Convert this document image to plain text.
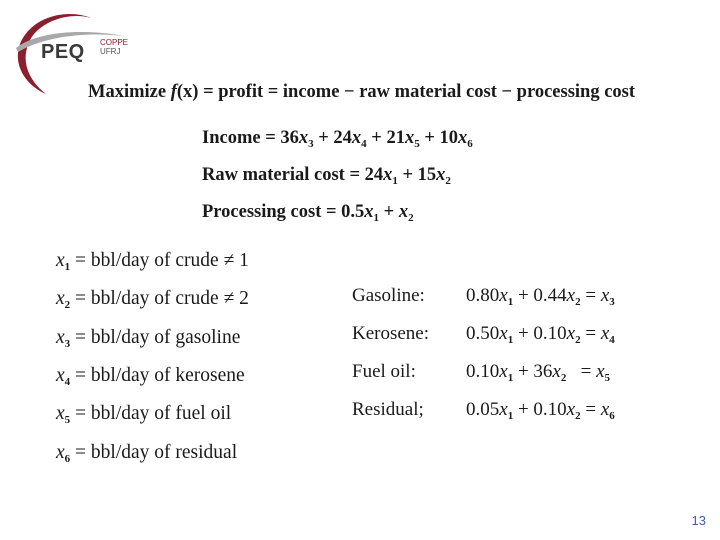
PEQ COPPE
UFRJ
Maximize f(x) = profit = income − raw material cost − processing cost
Income = $36x_3 + 24x_4 + 21x_5 + 10x_6$
Raw material $\cos t = 24x_1 + 15x_2$
Processing $\cos t = 0.5x_1 + x_2$
$x_1 = bbl/day$ of crude ≠ 1
$x_2 = bbl/day$ of crude ≠ 2
$x_3 = bbl/day$ of gasoline
$x_4 = bbl/day$ of kerosene
$x_5 = bbl/day$ of fuel oil
$x_6 = bbl/day$ of residual
Gasoline: $0.80x_1 + 0.44x_2 = x_3$
Kerosene: $0.50x_1 + 0.10x_2 = x_4$
Fuel oil:	$0.10x_1 + 36x_2 = x_5$
Residual; $0.05x_1 + 0.10x_2 = x_6$
13
